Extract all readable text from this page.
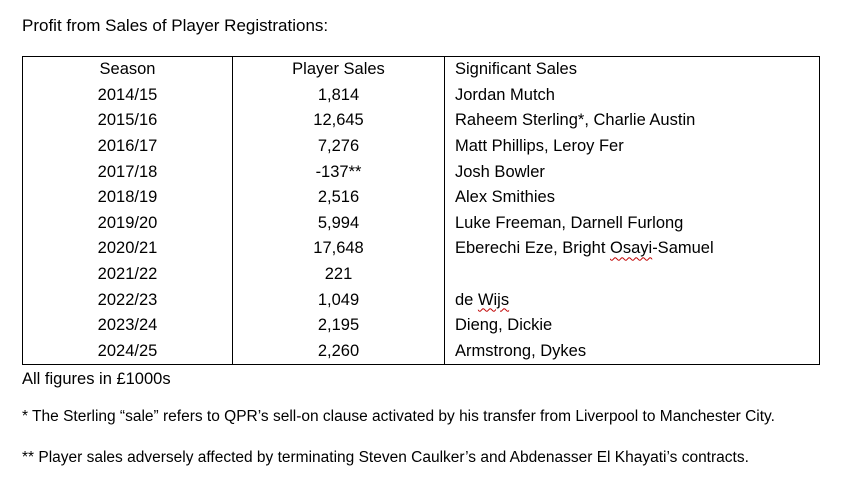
Profit from Sales of Player Registrations:
Season	Player Sales	Significant Sales
2014/15	1,814	Jordan Mutch
2015/16	12,645	Raheem Sterling*, Charlie Austin
2016/17	7,276	Matt Phillips, Leroy Fer
2017/18	-137**	Josh Bowler
2018/19	2,516	Alex Smithies
2019/20	5,994	Luke Freeman, Darnell Furlong
2020/21	17,648	Eberechi Eze, Bright Osayi-Samuel
2021/22	221	
2022/23	1,049	de Wijs
2023/24	2,195	Dieng, Dickie
2024/25	2,260	Armstrong, Dykes
All figures in £1000s
* The Sterling “sale” refers to QPR’s sell-on clause activated by his transfer from Liverpool to Manchester City.
** Player sales adversely affected by terminating Steven Caulker’s and Abdenasser El Khayati’s contracts.
